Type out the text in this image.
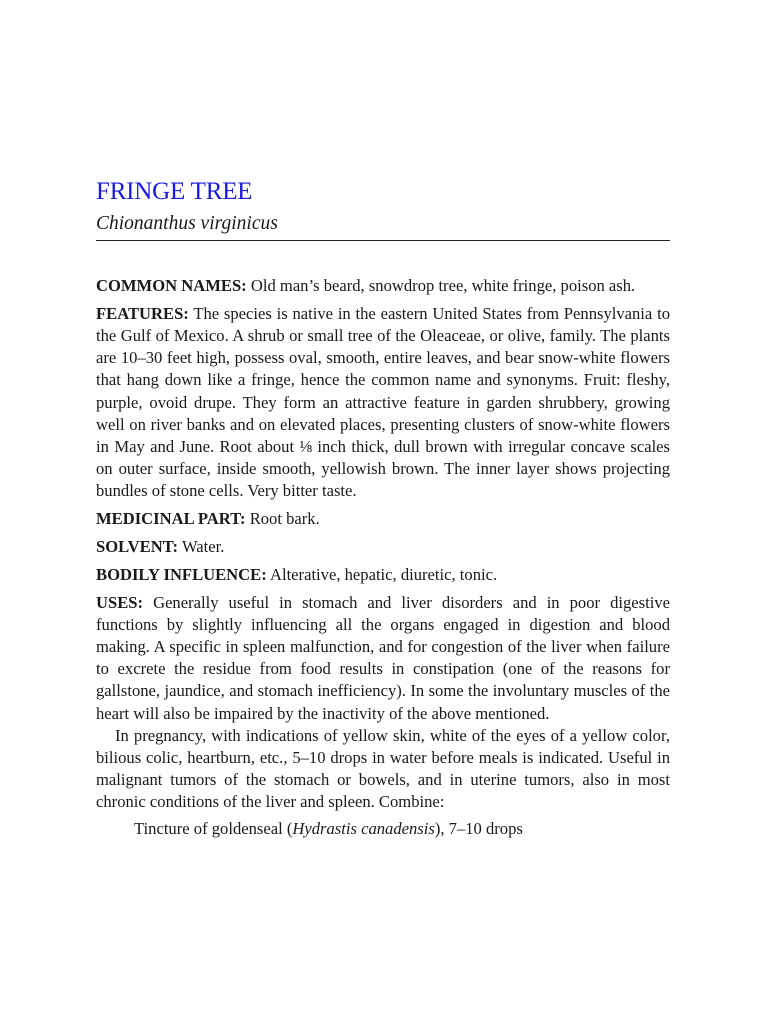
FRINGE TREE
Chionanthus virginicus

COMMON NAMES: Old man’s beard, snowdrop tree, white fringe, poison ash.

FEATURES: The species is native in the eastern United States from Pennsylvania to the Gulf of Mexico. A shrub or small tree of the Oleaceae, or olive, family. The plants are 10–30 feet high, possess oval, smooth, entire leaves, and bear snow-white flowers that hang down like a fringe, hence the common name and synonyms. Fruit: fleshy, purple, ovoid drupe. They form an attractive feature in garden shrubbery, growing well on river banks and on elevated places, presenting clusters of snow-white flowers in May and June. Root about ⅛ inch thick, dull brown with irregular concave scales on outer surface, inside smooth, yellowish brown. The inner layer shows projecting bundles of stone cells. Very bitter taste.

MEDICINAL PART: Root bark.

SOLVENT: Water.

BODILY INFLUENCE: Alterative, hepatic, diuretic, tonic.

USES: Generally useful in stomach and liver disorders and in poor digestive functions by slightly influencing all the organs engaged in digestion and blood making. A specific in spleen malfunction, and for congestion of the liver when failure to excrete the residue from food results in constipation (one of the reasons for gallstone, jaundice, and stomach inefficiency). In some the involuntary muscles of the heart will also be impaired by the inactivity of the above mentioned.

In pregnancy, with indications of yellow skin, white of the eyes of a yellow color, bilious colic, heartburn, etc., 5–10 drops in water before meals is indicated. Useful in malignant tumors of the stomach or bowels, and in uterine tumors, also in most chronic conditions of the liver and spleen. Combine:

Tincture of goldenseal (Hydrastis canadensis), 7–10 drops
